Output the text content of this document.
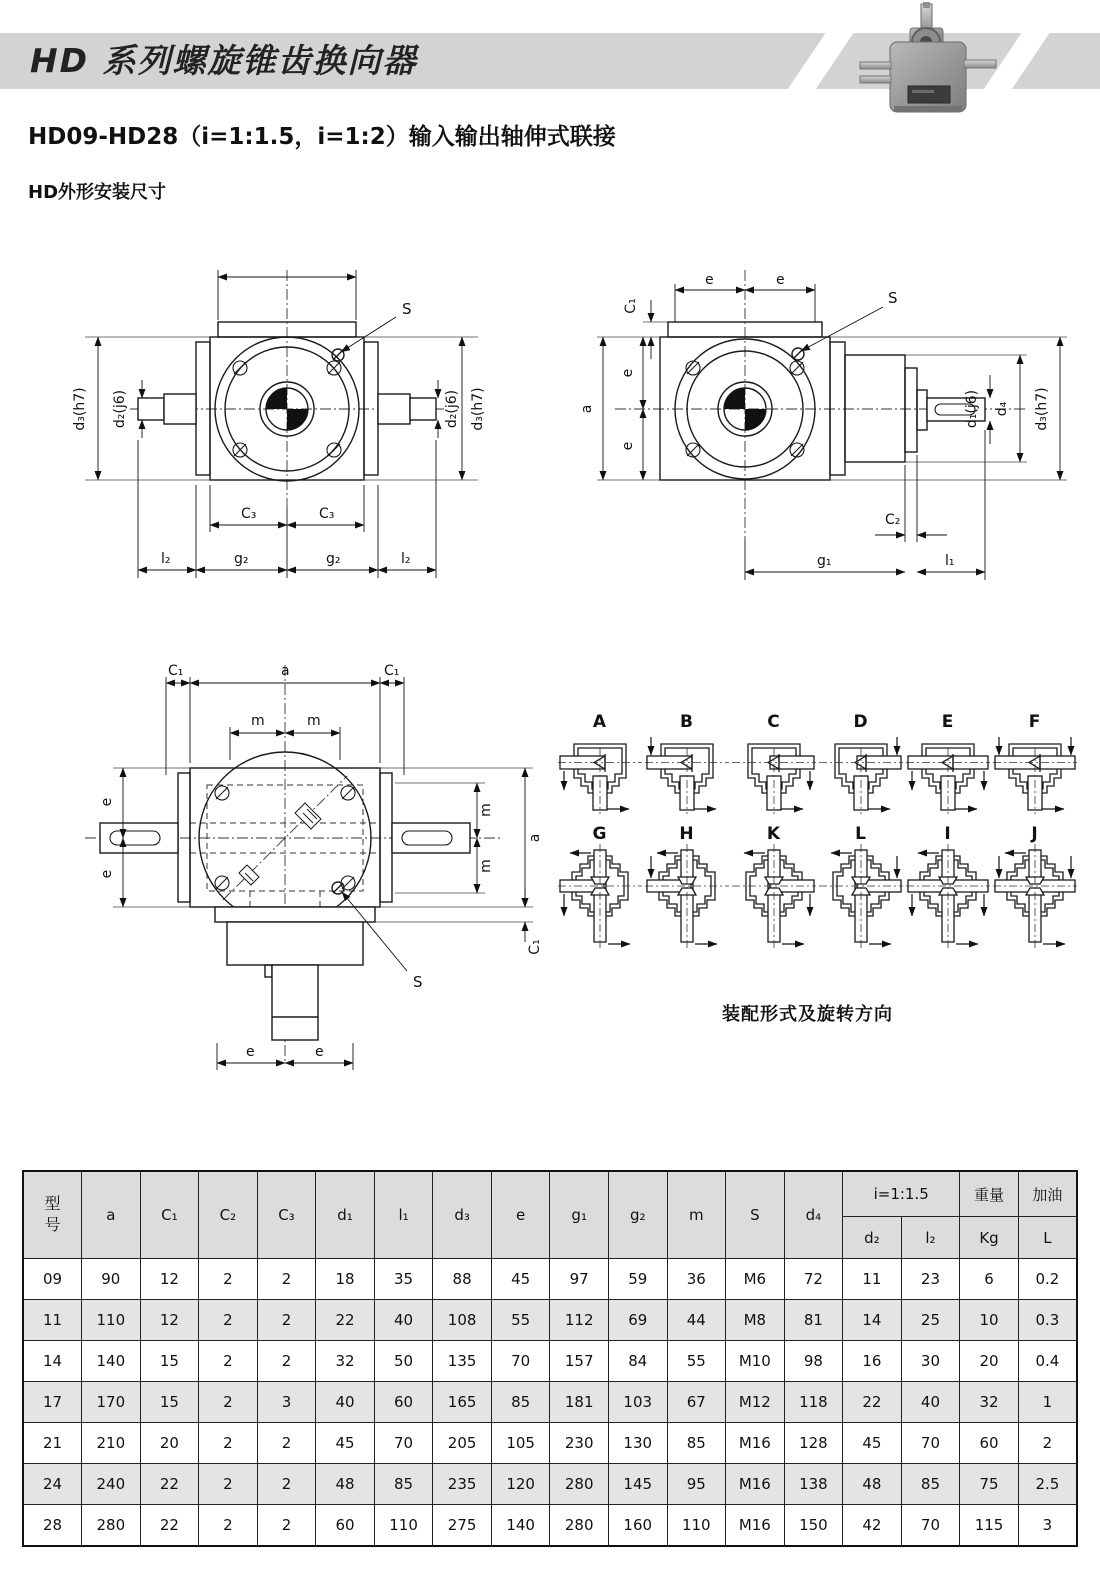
HD 系列螺旋锥齿换向器
HD09-HD28（i=1:1.5，i=1:2）输入输出轴伸式联接
HD外形安装尺寸
S
d₃(h7)	d₃(h7)
d₂(j6)	d₂(j6)
C₃	C₃
l₂	g₂	g₂	l₂
C₁
e	e
S
a
e
e
d₁(j6) d₄ d₃(h7)
C₂
g₁	l₁
C₁	a	C₁
m	m
e
e
m
m
a
C₁
S
e	e
A	B	C	D	E	F
G	H	K	L	I	J
装配形式及旋转方向
型号	a	C₁	C₂	C₃	d₁	l₁	d₃	e	g₁	g₂	m	S	d₄	i=1:1.5		重量	加油
														d₂	l₂	Kg	L
09	90	12	2	2	18	35	88	45	97	59	36	M6	72	11	23	6	0.2
11	110	12	2	2	22	40	108	55	112	69	44	M8	81	14	25	10	0.3
14	140	15	2	2	32	50	135	70	157	84	55	M10	98	16	30	20	0.4
17	170	15	2	3	40	60	165	85	181	103	67	M12	118	22	40	32	1
21	210	20	2	2	45	70	205	105	230	130	85	M16	128	45	70	60	2
24	240	22	2	2	48	85	235	120	280	145	95	M16	138	48	85	75	2.5
28	280	22	2	2	60	110	275	140	280	160	110	M16	150	42	70	115	3
